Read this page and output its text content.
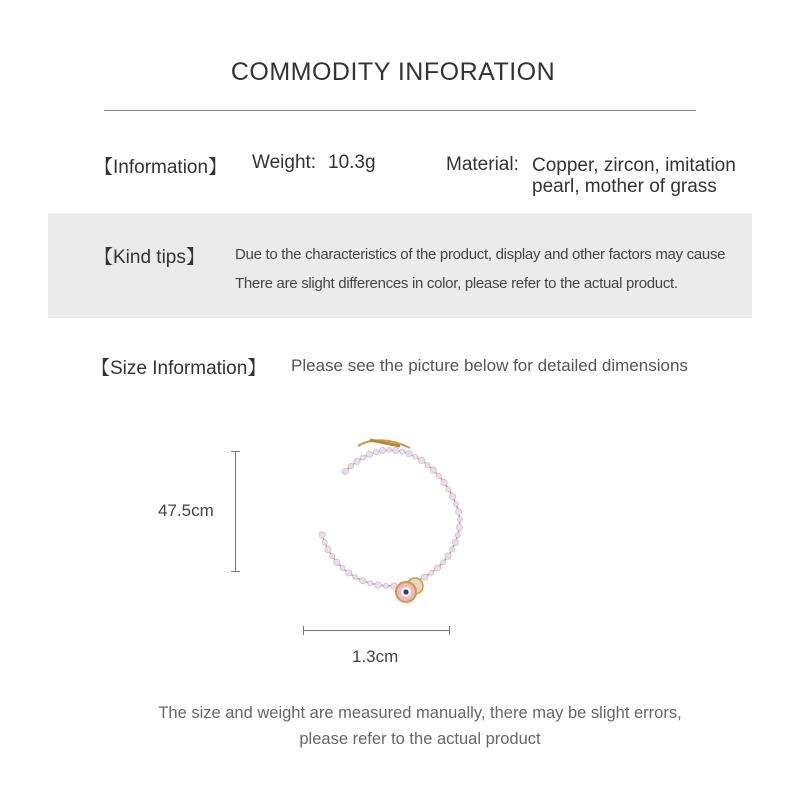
COMMODITY INFORATION
【Information】 Weight: 10.3g	Material: Copper, zircon, imitation
pearl, mother of grass
【Kind tips】 Due to the characteristics of the product, display and other factors may cause
There are slight differences in color, please refer to the actual product.
【Size Information】 Please see the picture below for detailed dimensions
47.5cm
1.3cm
The size and weight are measured manually, there may be slight errors,
please refer to the actual product
